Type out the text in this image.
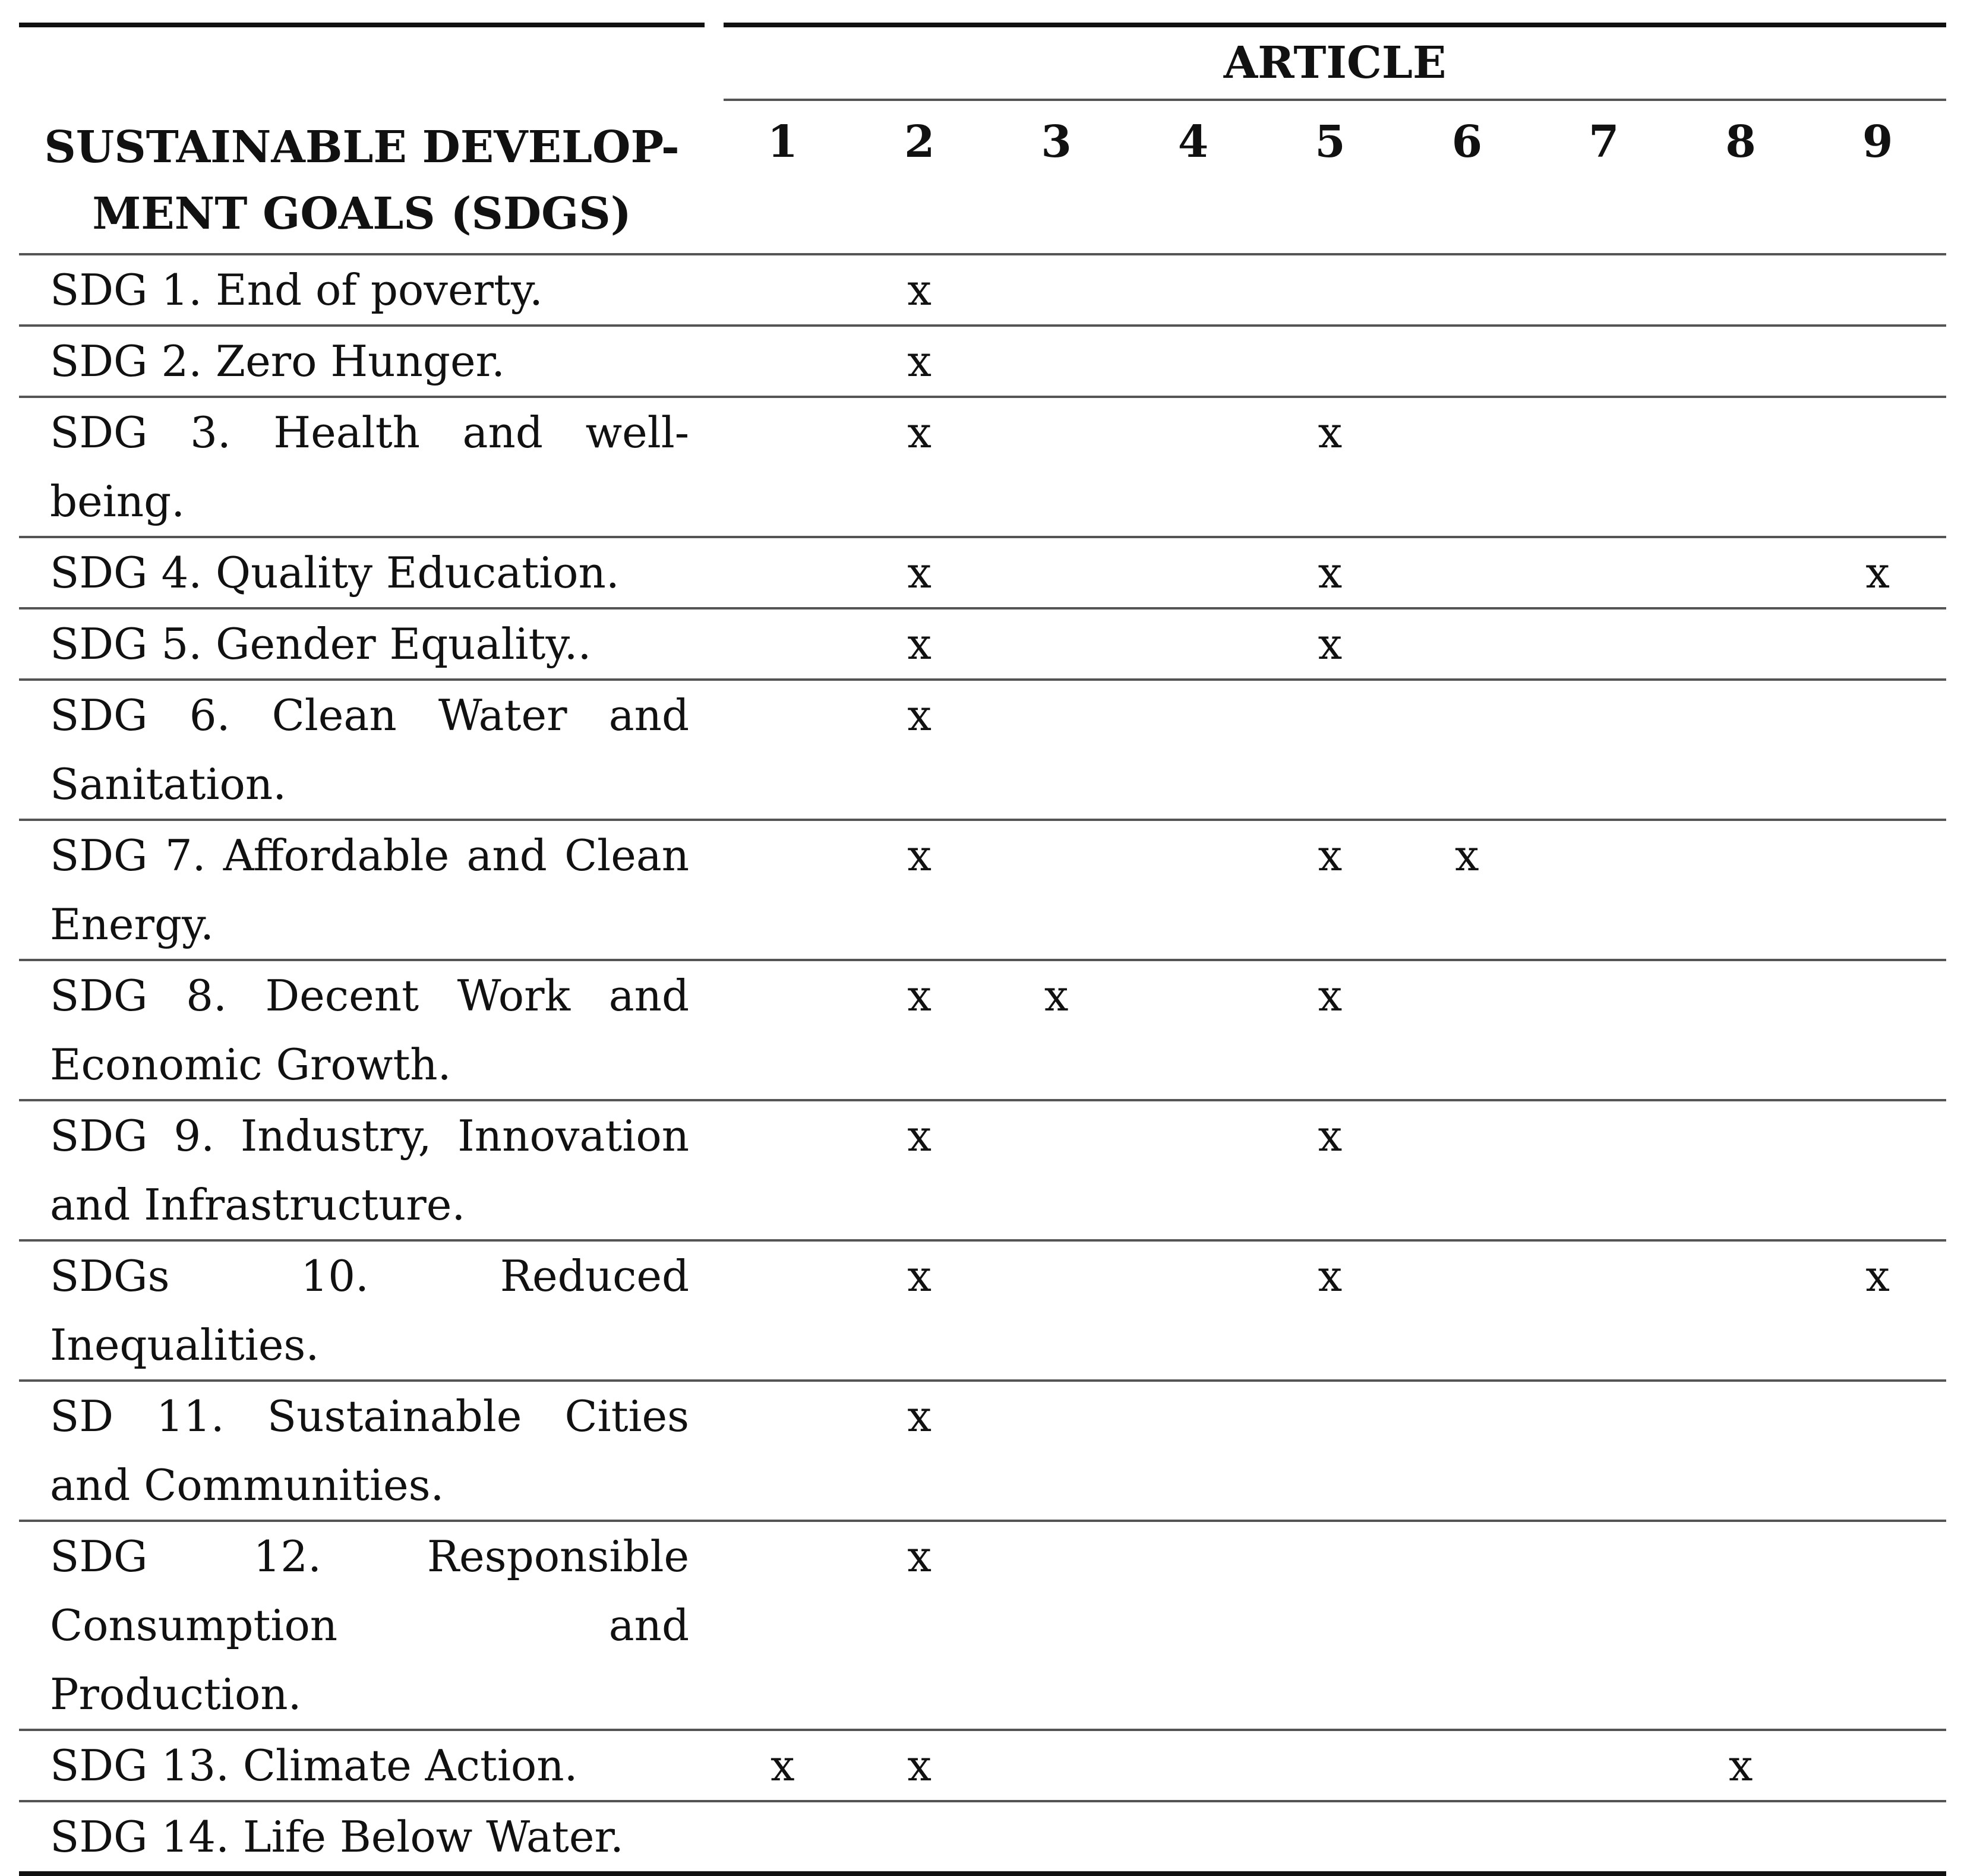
SUSTAINABLE DEVELOP-MENT GOALS (SDGS)	ARTICLE								
	1	2	3	4	5	6	7	8	9
SDG 1. End of poverty.		x							
SDG 2. Zero Hunger.		x							
SDG 3. Health and well-being.		x			x				
SDG 4. Quality Education.		x			x				x
SDG 5. Gender Equality..		x			x				
SDG 6. Clean Water and Sanitation.		x							
SDG 7. Affordable and Clean Energy.		x			x	x			
SDG 8. Decent Work and Economic Growth.		x	x		x				
SDG 9. Industry, Innovation and Infrastructure.		x			x				
SDGs 10. Reduced Inequalities.		x			x				x
SD 11. Sustainable Cities and Communities.		x							
SDG 12. Responsible Consumption and Production.		x							
SDG 13. Climate Action.	x	x						x	
SDG 14. Life Below Water.									
